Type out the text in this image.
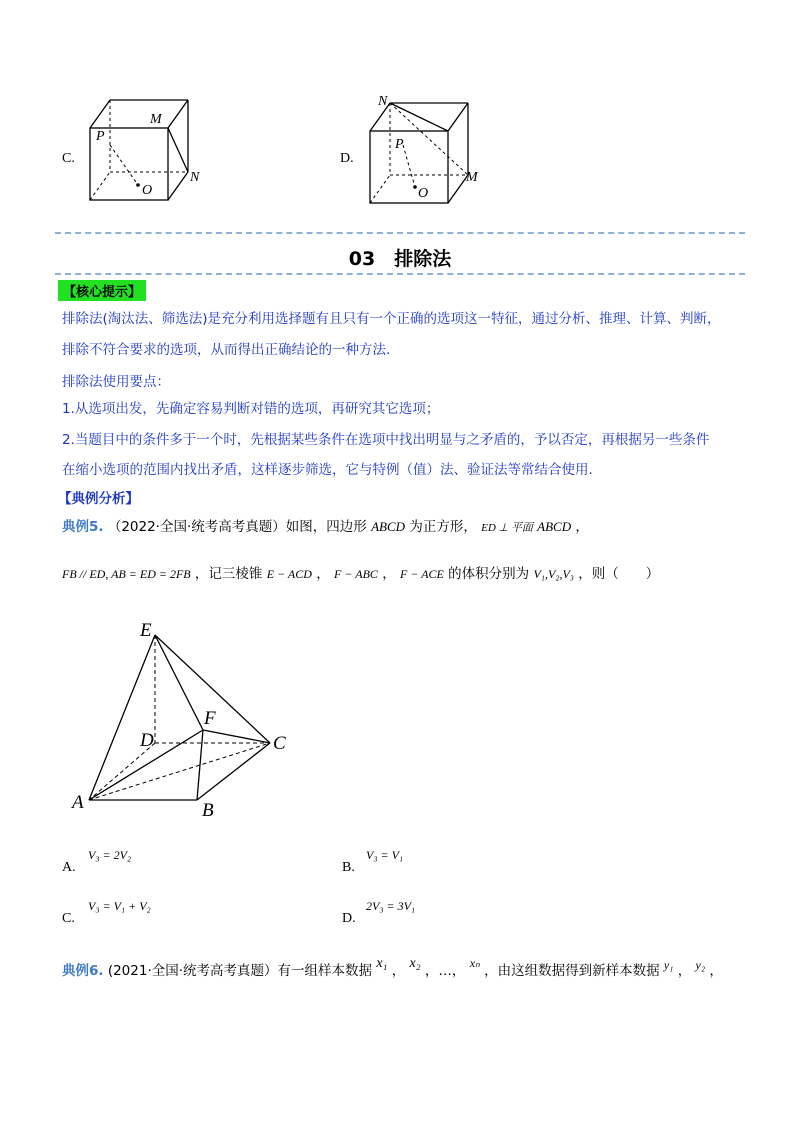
C.
P
M
N
O
D.
N
P
M
O
03　排除法
【核心提示】
排除法(淘汰法、筛选法)是充分利用选择题有且只有一个正确的选项这一特征，通过分析、推理、计算、判断，
排除不符合要求的选项，从而得出正确结论的一种方法.
排除法使用要点：
1.从选项出发，先确定容易判断对错的选项，再研究其它选项；
2.当题目中的条件多于一个时，先根据某些条件在选项中找出明显与之矛盾的，予以否定，再根据另一些条件
在缩小选项的范围内找出矛盾，这样逐步筛选，它与特例（值）法、验证法等常结合使用.
【典例分析】
典例5. （2022·全国·统考高考真题）如图，四边形 ABCD 为正方形， ED ⊥ 平面 ABCD ，
FB // ED, AB = ED = 2FB ，记三棱锥 E − ACD ， F − ABC ， F − ACE 的体积分别为 V₁,V₂,V₃ ，则（　　）
E
F
D	C
A	B
A.
V₃ = 2V₂
B.
V₃ = V₁
C.
V₃ = V₁ + V₂
D.
2V₃ = 3V₁
典例6. (2021·全国·统考高考真题）有一组样本数据 x₁ ， x₂ ，…， xₙ ，由这组数据得到新样本数据 y₁ ， y₂ ，
